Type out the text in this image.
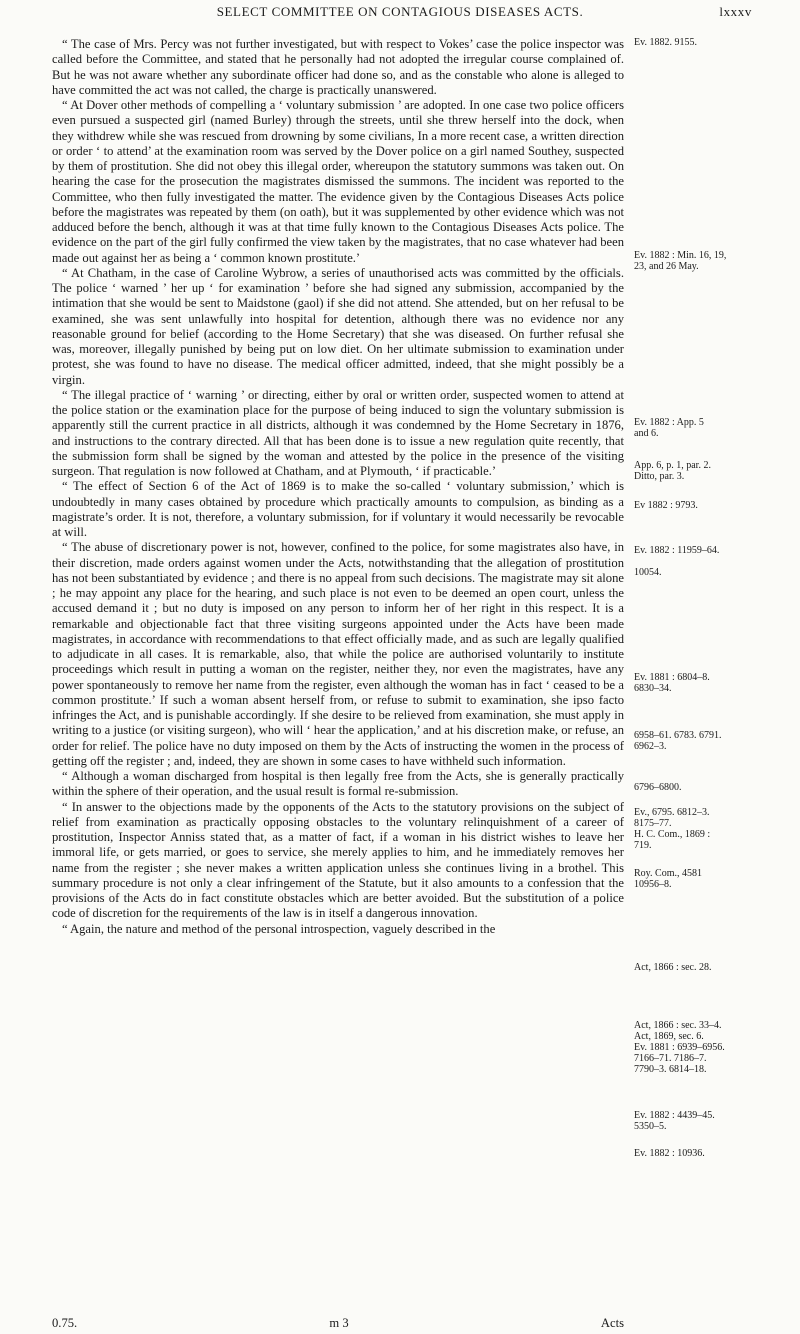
SELECT COMMITTEE ON CONTAGIOUS DISEASES ACTS.	lxxxv

“ The case of Mrs. Percy was not further investigated, but with respect to Vokes’ case the police inspector was called before the Committee, and stated that he personally had not adopted the irregular course complained of. But he was not aware whether any subordinate officer had done so, and as the constable who alone is alleged to have committed the act was not called, the charge is practically unanswered.

“ At Dover other methods of compelling a ‘ voluntary submission ’ are adopted. In one case two police officers even pursued a suspected girl (named Burley) through the streets, until she threw herself into the dock, when they withdrew while she was rescued from drowning by some civilians, In a more recent case, a written direction or order ‘ to attend’ at the examination room was served by the Dover police on a girl named Southey, suspected by them of prostitution. She did not obey this illegal order, whereupon the statutory summons was taken out. On hearing the case for the prosecution the magistrates dismissed the summons. The incident was reported to the Committee, who then fully investigated the matter. The evidence given by the Contagious Diseases Acts police before the magistrates was repeated by them (on oath), but it was supplemented by other evidence which was not adduced before the bench, although it was at that time fully known to the Contagious Diseases Acts police. The evidence on the part of the girl fully confirmed the view taken by the magistrates, that no case whatever had been made out against her as being a ‘ common known prostitute.’

“ At Chatham, in the case of Caroline Wybrow, a series of unauthorised acts was committed by the officials. The police ‘ warned ’ her up ‘ for examination ’ before she had signed any submission, accompanied by the intimation that she would be sent to Maidstone (gaol) if she did not attend. She attended, but on her refusal to be examined, she was sent unlawfully into hospital for detention, although there was no evidence nor any reasonable ground for belief (according to the Home Secretary) that she was diseased. On further refusal she was, moreover, illegally punished by being put on low diet. On her ultimate submission to examination under protest, she was found to have no disease. The medical officer admitted, indeed, that she might possibly be a virgin.

“ The illegal practice of ‘ warning ’ or directing, either by oral or written order, suspected women to attend at the police station or the examination place for the purpose of being induced to sign the voluntary submission is apparently still the current practice in all districts, although it was condemned by the Home Secretary in 1876, and instructions to the contrary directed. All that has been done is to issue a new regulation quite recently, that the submission form shall be signed by the woman and attested by the police in the presence of the visiting surgeon. That regulation is now followed at Chatham, and at Plymouth, ‘ if practicable.’

“ The effect of Section 6 of the Act of 1869 is to make the so-called ‘ voluntary submission,’ which is undoubtedly in many cases obtained by procedure which practically amounts to compulsion, as binding as a magistrate’s order. It is not, therefore, a voluntary submission, for if voluntary it would necessarily be revocable at will.

“ The abuse of discretionary power is not, however, confined to the police, for some magistrates also have, in their discretion, made orders against women under the Acts, notwithstanding that the allegation of prostitution has not been substantiated by evidence ; and there is no appeal from such decisions. The magistrate may sit alone ; he may appoint any place for the hearing, and such place is not even to be deemed an open court, unless the accused demand it ; but no duty is imposed on any person to inform her of her right in this respect. It is a remarkable and objectionable fact that three visiting surgeons appointed under the Acts have been made magistrates, in accordance with recommendations to that effect officially made, and as such are legally qualified to adjudicate in all cases. It is remarkable, also, that while the police are authorised voluntarily to institute proceedings which result in putting a woman on the register, neither they, nor even the magistrates, have any power spontaneously to remove her name from the register, even although the woman has in fact ‘ ceased to be a common prostitute.’ If such a woman absent herself from, or refuse to submit to examination, she ipso facto infringes the Act, and is punishable accordingly. If she desire to be relieved from examination, she must apply in writing to a justice (or visiting surgeon), who will ‘ hear the application,’ and at his discretion make, or refuse, an order for relief. The police have no duty imposed on them by the Acts of instructing the women in the process of getting off the register ; and, indeed, they are shown in some cases to have withheld such information.

“ Although a woman discharged from hospital is then legally free from the Acts, she is generally practically within the sphere of their operation, and the usual result is formal re-submission.

“ In answer to the objections made by the opponents of the Acts to the statutory provisions on the subject of relief from examination as practically opposing obstacles to the voluntary relinquishment of a career of prostitution, Inspector Anniss stated that, as a matter of fact, if a woman in his district wishes to leave her immoral life, or gets married, or goes to service, she merely applies to him, and he immediately removes her name from the register ; she never makes a written application unless she continues living in a brothel. This summary procedure is not only a clear infringement of the Statute, but it also amounts to a confession that the provisions of the Acts do in fact constitute obstacles which are better avoided. But the substitution of a police code of discretion for the requirements of the law is in itself a dangerous innovation.

“ Again, the nature and method of the personal introspection, vaguely described in the

Ev. 1882. 9155.
Ev. 1882 : Min. 16, 19,
23, and 26 May.
Ev. 1882 : App. 5
and 6.
App. 6, p. 1, par. 2.
Ditto, par. 3.
Ev 1882 : 9793.
Ev. 1882 : 11959–64.

10054.
Ev. 1881 : 6804–8.
6830–34.
6958–61. 6783. 6791.
6962–3.
6796–6800.
Ev., 6795. 6812–3.
8175–77.
H. C. Com., 1869 :
719.
Roy. Com., 4581
10956–8.
Act, 1866 : sec. 28.
Act, 1866 : sec. 33–4.
Act, 1869, sec. 6.
Ev. 1881 : 6939–6956.
7166–71. 7186–7.
7790–3. 6814–18.
Ev. 1882 : 4439–45.
5350–5.
Ev. 1882 : 10936.
0.75.	m 3	Acts
